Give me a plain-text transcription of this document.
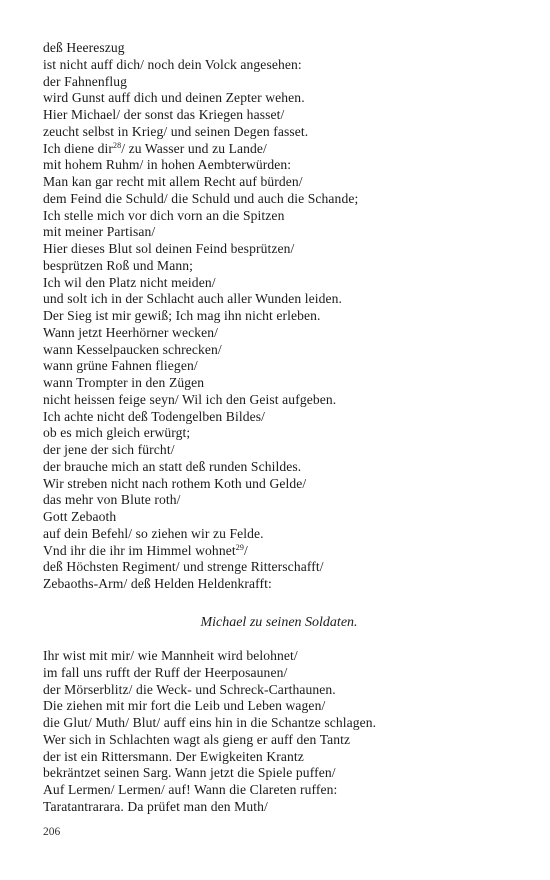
deß Heereszug
ist nicht auff dich/ noch dein Volck angesehen:
der Fahnenflug
wird Gunst auff dich und deinen Zepter wehen.
Hier Michael/ der sonst das Kriegen hasset/
zeucht selbst in Krieg/ und seinen Degen fasset.
Ich diene dir$^{28}$/ zu Wasser und zu Lande/
mit hohem Ruhm/ in hohen Aembterwürden:
Man kan gar recht mit allem Recht auf bürden/
dem Feind die Schuld/ die Schuld und auch die Schande;
Ich stelle mich vor dich vorn an die Spitzen
mit meiner Partisan/
Hier dieses Blut sol deinen Feind besprützen/
besprützen Roß und Mann;
Ich wil den Platz nicht meiden/
und solt ich in der Schlacht auch aller Wunden leiden.
Der Sieg ist mir gewiß; Ich mag ihn nicht erleben.
Wann jetzt Heerhörner wecken/
wann Kesselpaucken schrecken/
wann grüne Fahnen fliegen/
wann Trompter in den Zügen
nicht heissen feige seyn/ Wil ich den Geist aufgeben.
Ich achte nicht deß Todengelben Bildes/
ob es mich gleich erwürgt;
der jene der sich fürcht/
der brauche mich an statt deß runden Schildes.
Wir streben nicht nach rothem Koth und Gelde/
das mehr von Blute roth/
Gott Zebaoth
auf dein Befehl/ so ziehen wir zu Felde.
Vnd ihr die ihr im Himmel wohnet$^{29}$/
deß Höchsten Regiment/ und strenge Ritterschafft/
Zebaoths-Arm/ deß Helden Heldenkrafft:
Michael zu seinen Soldaten.
Ihr wist mit mir/ wie Mannheit wird belohnet/
im fall uns rufft der Ruff der Heerposaunen/
der Mörserblitz/ die Weck- und Schreck-Carthaunen.
Die ziehen mit mir fort die Leib und Leben wagen/
die Glut/ Muth/ Blut/ auff eins hin in die Schantze schlagen.
Wer sich in Schlachten wagt als gieng er auff den Tantz
der ist ein Rittersmann. Der Ewigkeiten Krantz
bekräntzet seinen Sarg. Wann jetzt die Spiele puffen/
Auf Lermen/ Lermen/ auf! Wann die Clareten ruffen:
Taratantrarara. Da prüfet man den Muth/
206
